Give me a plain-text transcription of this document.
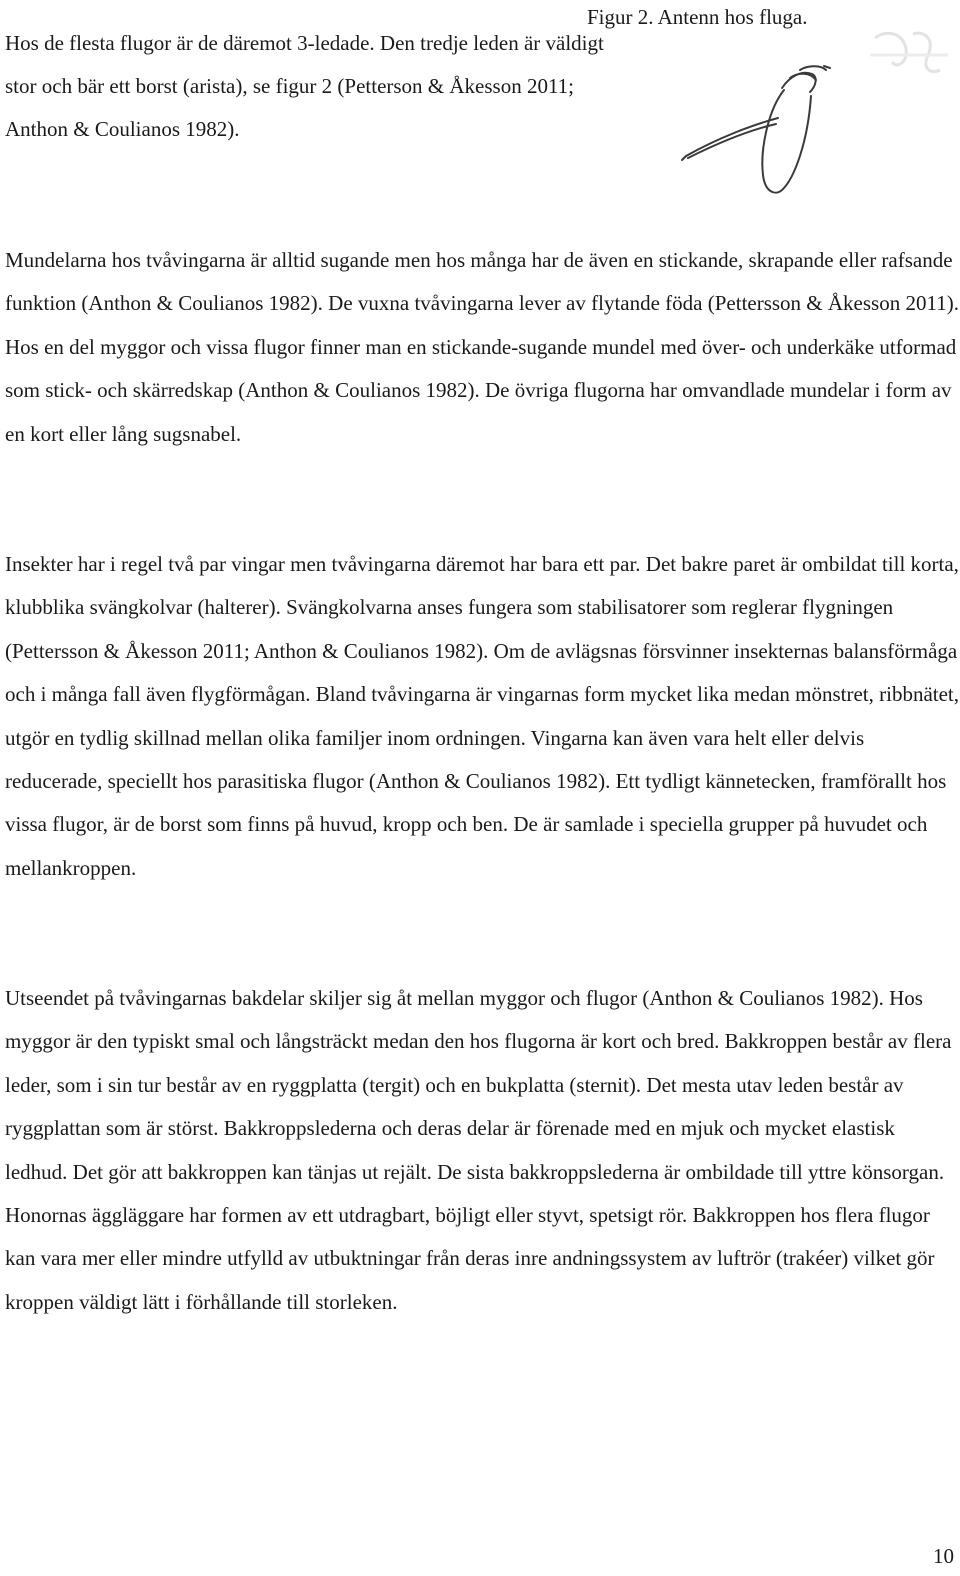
Hos de flesta flugor är de däremot 3-ledade. Den tredje leden är väldigt stor och bär ett borst (arista), se figur 2 (Petterson & Åkesson 2011; Anthon & Coulianos 1982).

Figur 2. Antenn hos fluga.

Mundelarna hos tvåvingarna är alltid sugande men hos många har de även en stickande, skrapande eller rafsande funktion (Anthon & Coulianos 1982). De vuxna tvåvingarna lever av flytande föda (Pettersson & Åkesson 2011). Hos en del myggor och vissa flugor finner man en stickande-sugande mundel med över- och underkäke utformad som stick- och skärredskap (Anthon & Coulianos 1982). De övriga flugorna har omvandlade mundelar i form av en kort eller lång sugsnabel.

Insekter har i regel två par vingar men tvåvingarna däremot har bara ett par. Det bakre paret är ombildat till korta, klubblika svängkolvar (halterer). Svängkolvarna anses fungera som stabilisatorer som reglerar flygningen (Pettersson & Åkesson 2011; Anthon & Coulianos 1982). Om de avlägsnas försvinner insekternas balansförmåga och i många fall även flygförmågan. Bland tvåvingarna är vingarnas form mycket lika medan mönstret, ribbnätet, utgör en tydlig skillnad mellan olika familjer inom ordningen. Vingarna kan även vara helt eller delvis reducerade, speciellt hos parasitiska flugor (Anthon & Coulianos 1982). Ett tydligt kännetecken, framförallt hos vissa flugor, är de borst som finns på huvud, kropp och ben. De är samlade i speciella grupper på huvudet och mellankroppen.

Utseendet på tvåvingarnas bakdelar skiljer sig åt mellan myggor och flugor (Anthon & Coulianos 1982). Hos myggor är den typiskt smal och långsträckt medan den hos flugorna är kort och bred. Bakkroppen består av flera leder, som i sin tur består av en ryggplatta (tergit) och en bukplatta (sternit). Det mesta utav leden består av ryggplattan som är störst. Bakkroppslederna och deras delar är förenade med en mjuk och mycket elastisk ledhud. Det gör att bakkroppen kan tänjas ut rejält. De sista bakkroppslederna är ombildade till yttre könsorgan. Honornas äggläggare har formen av ett utdragbart, böjligt eller styvt, spetsigt rör. Bakkroppen hos flera flugor kan vara mer eller mindre utfylld av utbuktningar från deras inre andningssystem av luftrör (trakéer) vilket gör kroppen väldigt lätt i förhållande till storleken.

10
